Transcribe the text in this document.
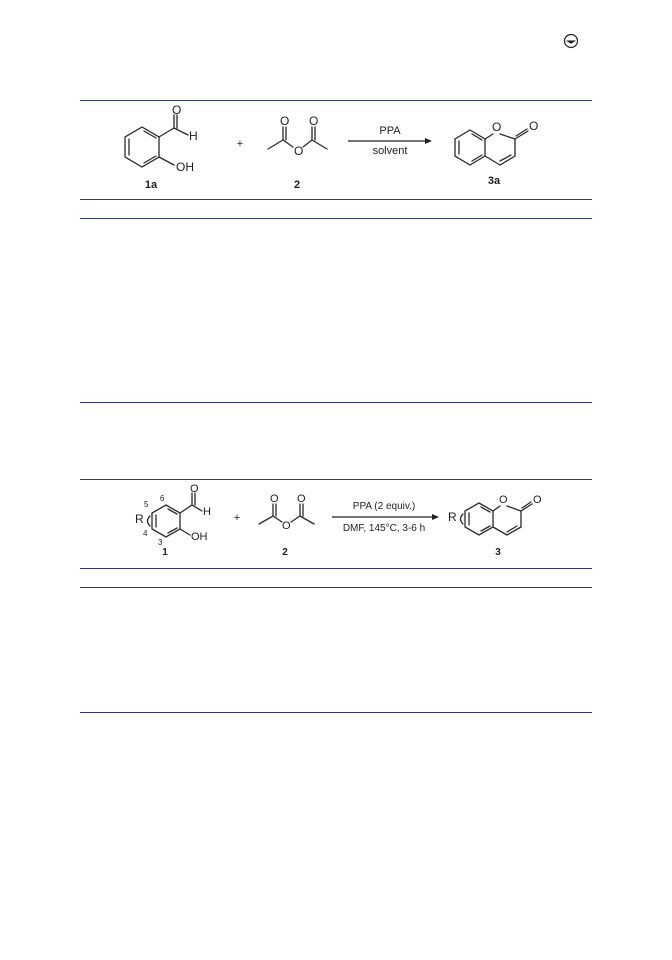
O
H
OH
1a
+
O O
O
2
PPA
solvent
O O
3a
O
H
OH
R
5
6
4
3
1
+
O O
O
2
PPA (2 equiv.)
DMF, 145°C, 3-6 h
R
O O
3
